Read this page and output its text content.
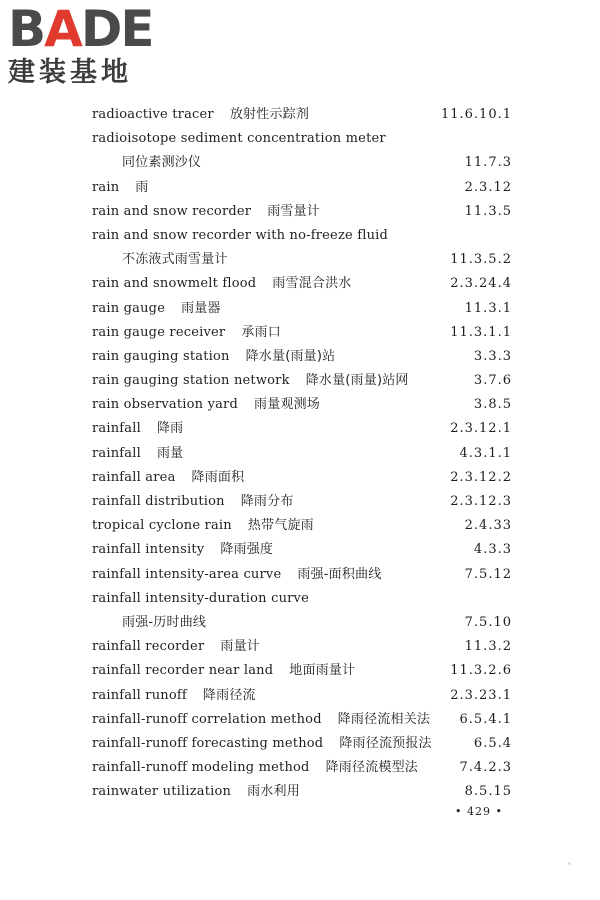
BADE
建装基地
radioactive tracer 放射性示踪剂	11.6.10.1
radioisotope sediment concentration meter
同位素测沙仪	11.7.3
rain 雨	2.3.12
rain and snow recorder 雨雪量计	11.3.5
rain and snow recorder with no-freeze fluid
不冻液式雨雪量计	11.3.5.2
rain and snowmelt flood 雨雪混合洪水	2.3.24.4
rain gauge 雨量器	11.3.1
rain gauge receiver 承雨口	11.3.1.1
rain gauging station 降水量(雨量)站	3.3.3
rain gauging station network 降水量(雨量)站网	3.7.6
rain observation yard 雨量观测场	3.8.5
rainfall 降雨	2.3.12.1
rainfall 雨量	4.3.1.1
rainfall area 降雨面积	2.3.12.2
rainfall distribution 降雨分布	2.3.12.3
tropical cyclone rain 热带气旋雨	2.4.33
rainfall intensity 降雨强度	4.3.3
rainfall intensity-area curve 雨强-面积曲线	7.5.12
rainfall intensity-duration curve
雨强-历时曲线	7.5.10
rainfall recorder 雨量计	11.3.2
rainfall recorder near land 地面雨量计	11.3.2.6
rainfall runoff 降雨径流	2.3.23.1
rainfall-runoff correlation method 降雨径流相关法 6.5.4.1
rainfall-runoff forecasting method 降雨径流预报法	6.5.4
rainfall-runoff modeling method 降雨径流模型法	7.4.2.3
rainwater utilization 雨水利用	8.5.15
• 429 •
